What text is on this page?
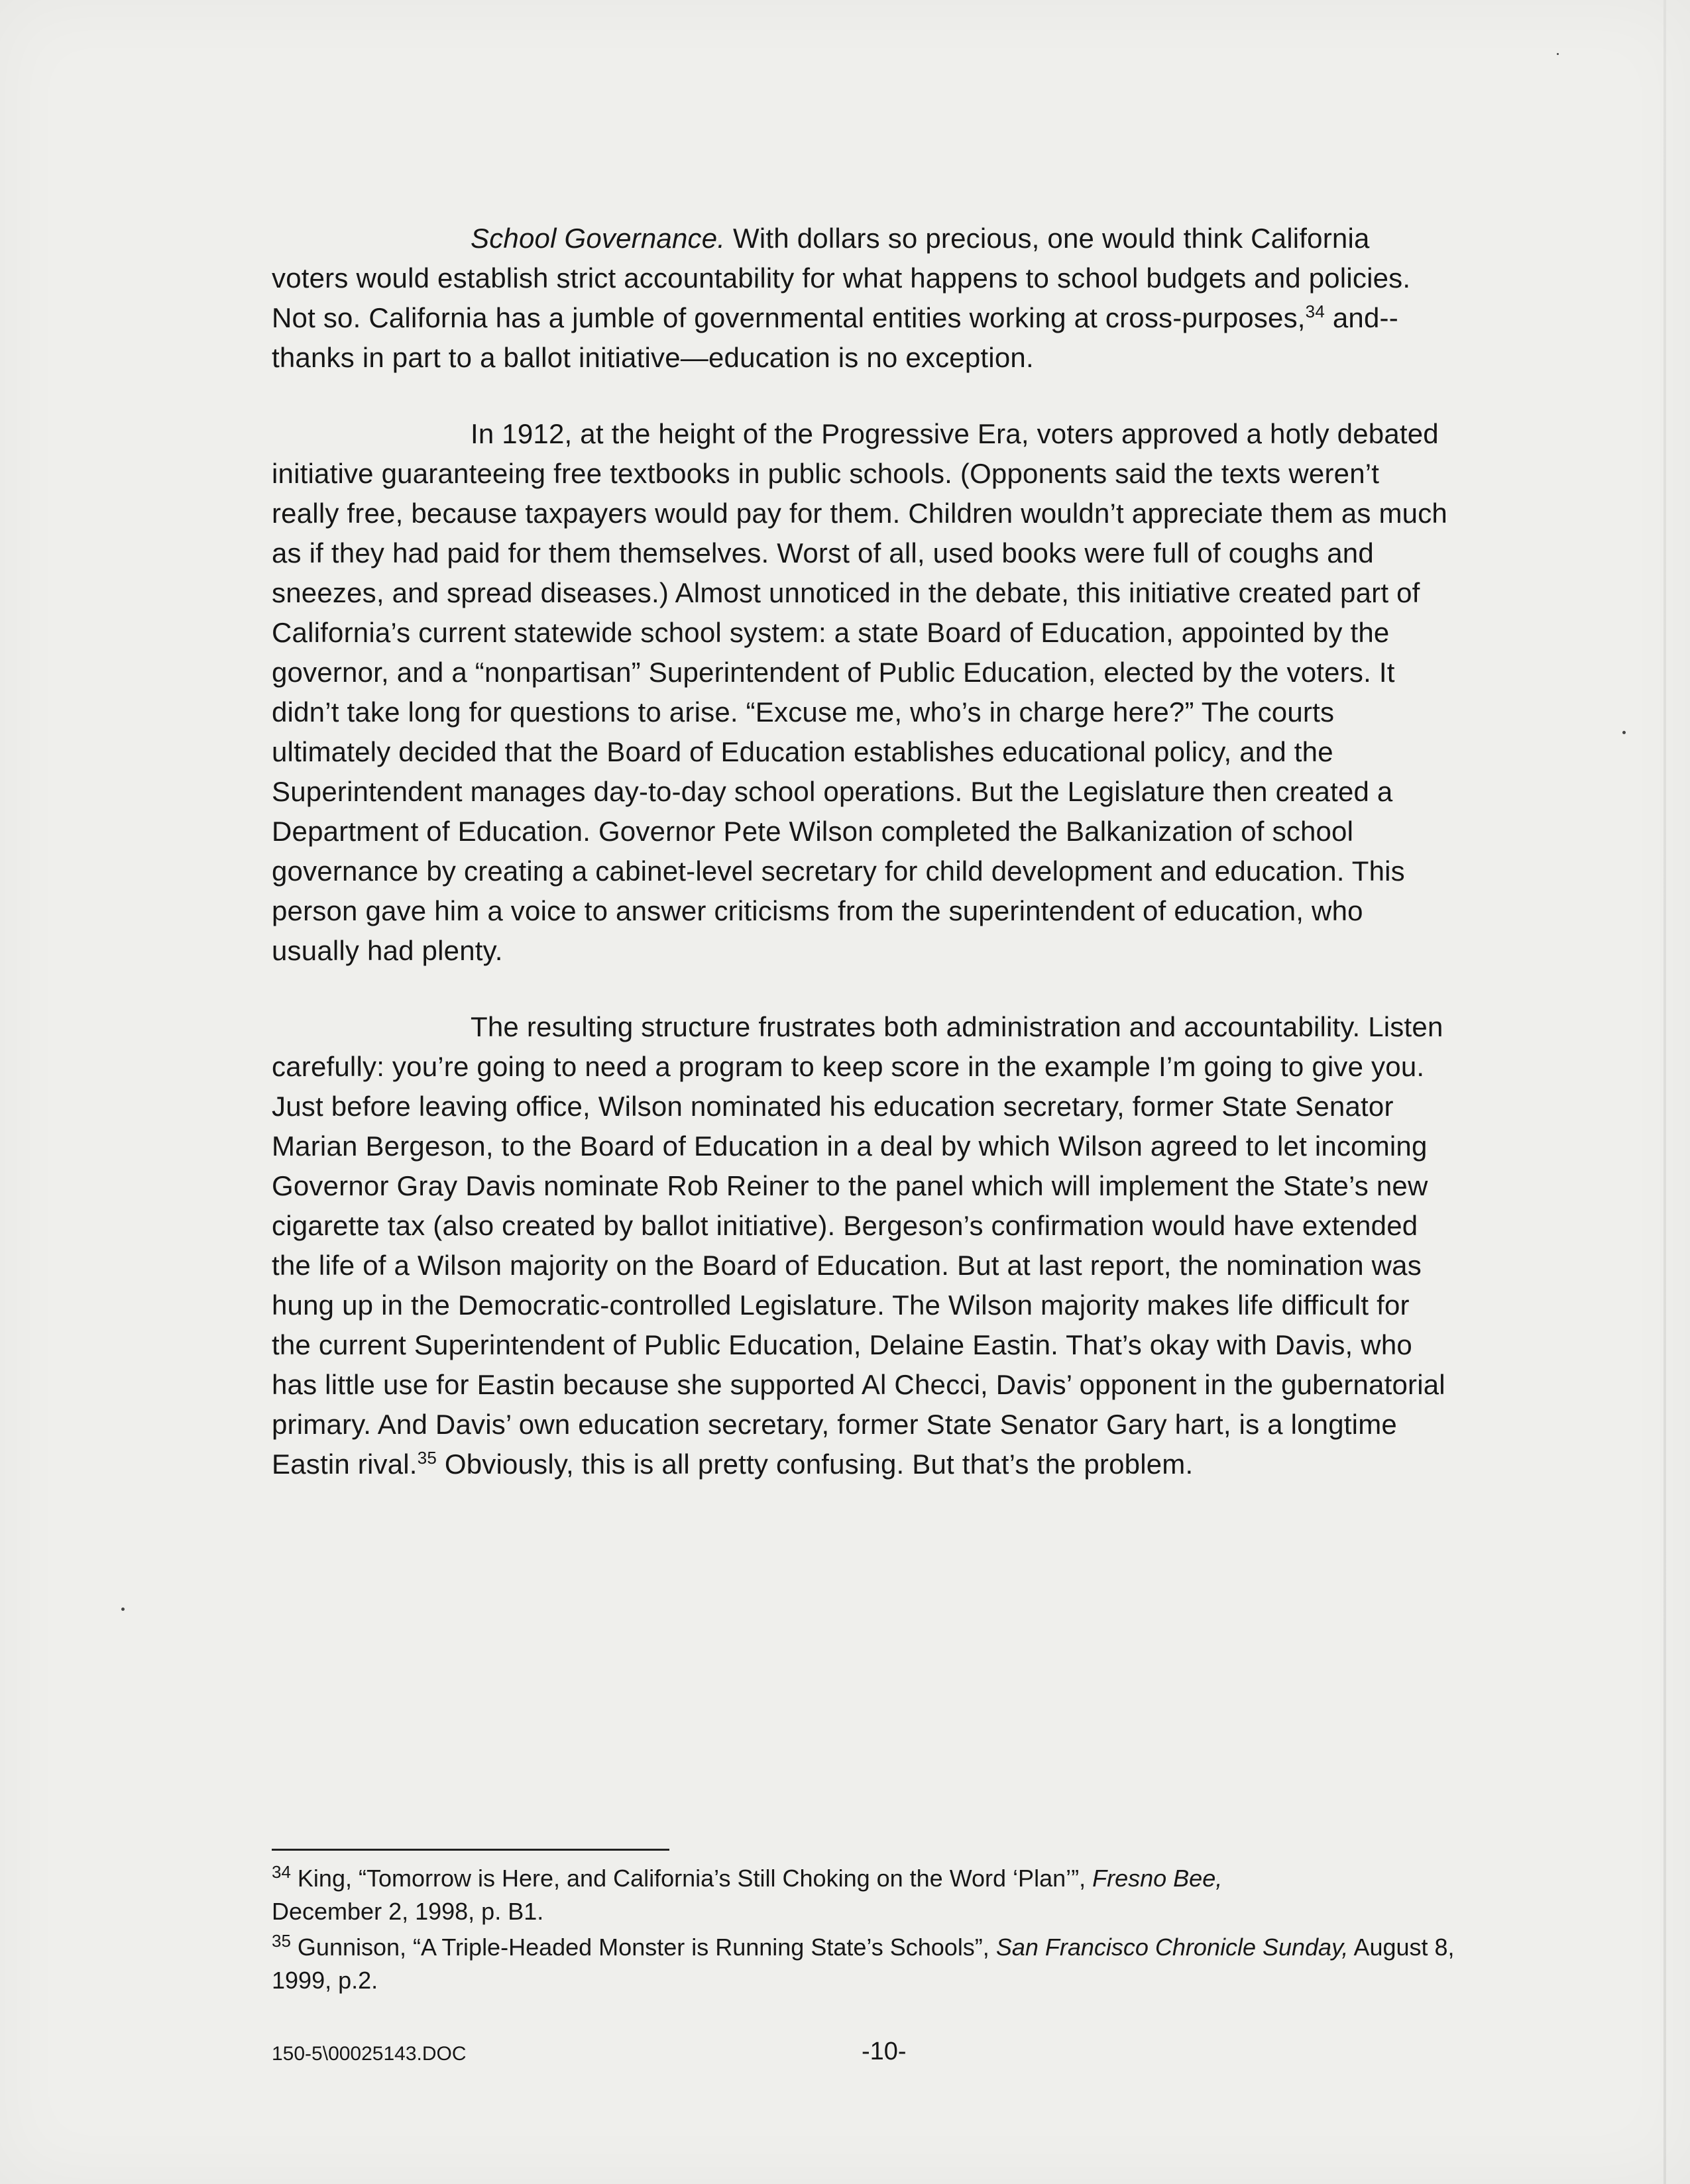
School Governance. With dollars so precious, one would think California voters would establish strict accountability for what happens to school budgets and policies. Not so. California has a jumble of governmental entities working at cross-purposes,$^{34}$ and--thanks in part to a ballot initiative—education is no exception.

In 1912, at the height of the Progressive Era, voters approved a hotly debated initiative guaranteeing free textbooks in public schools. (Opponents said the texts weren’t really free, because taxpayers would pay for them. Children wouldn’t appreciate them as much as if they had paid for them themselves. Worst of all, used books were full of coughs and sneezes, and spread diseases.) Almost unnoticed in the debate, this initiative created part of California’s current statewide school system: a state Board of Education, appointed by the governor, and a “nonpartisan” Superintendent of Public Education, elected by the voters. It didn’t take long for questions to arise. “Excuse me, who’s in charge here?” The courts ultimately decided that the Board of Education establishes educational policy, and the Superintendent manages day-to-day school operations. But the Legislature then created a Department of Education. Governor Pete Wilson completed the Balkanization of school governance by creating a cabinet-level secretary for child development and education. This person gave him a voice to answer criticisms from the superintendent of education, who usually had plenty.

The resulting structure frustrates both administration and accountability. Listen carefully: you’re going to need a program to keep score in the example I’m going to give you. Just before leaving office, Wilson nominated his education secretary, former State Senator Marian Bergeson, to the Board of Education in a deal by which Wilson agreed to let incoming Governor Gray Davis nominate Rob Reiner to the panel which will implement the State’s new cigarette tax (also created by ballot initiative). Bergeson’s confirmation would have extended the life of a Wilson majority on the Board of Education. But at last report, the nomination was hung up in the Democratic-controlled Legislature. The Wilson majority makes life difficult for the current Superintendent of Public Education, Delaine Eastin. That’s okay with Davis, who has little use for Eastin because she supported Al Checci, Davis’ opponent in the gubernatorial primary. And Davis’ own education secretary, former State Senator Gary hart, is a longtime Eastin rival.$^{35}$ Obviously, this is all pretty confusing. But that’s the problem.

$^{34}$ King, “Tomorrow is Here, and California’s Still Choking on the Word ‘Plan’”, Fresno Bee,
December 2, 1998, p. B1.
$^{35}$ Gunnison, “A Triple-Headed Monster is Running State’s Schools”, San Francisco Chronicle Sunday, August 8, 1999, p.2.
150-5\00025143.DOC	-10-
